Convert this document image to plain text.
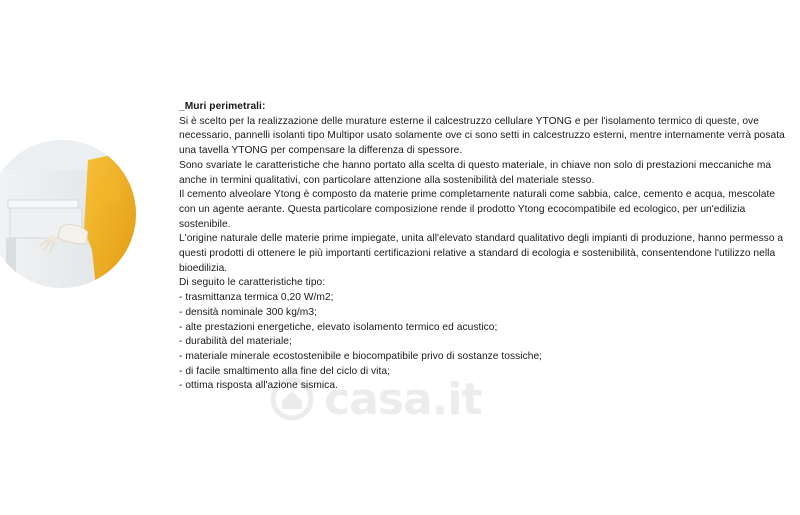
_Muri perimetrali:

Si è scelto per la realizzazione delle murature esterne il calcestruzzo cellulare YTONG e per l'isolamento termico di queste, ove necessario, pannelli isolanti tipo Multipor usato solamente ove ci sono setti in calcestruzzo esterni, mentre internamente verrà posata una tavella YTONG per compensare la differenza di spessore.

Sono svariate le caratteristiche che hanno portato alla scelta di questo materiale, in chiave non solo di prestazioni meccaniche ma anche in termini qualitativi, con particolare attenzione alla sostenibilità del materiale stesso.

Il cemento alveolare Ytong è composto da materie prime completamente naturali come sabbia, calce, cemento e acqua, mescolate con un agente aerante. Questa particolare composizione rende il prodotto Ytong ecocompatibile ed ecologico, per un'edilizia sostenibile.

L'origine naturale delle materie prime impiegate, unita all'elevato standard qualitativo degli impianti di produzione, hanno permesso a questi prodotti di ottenere le più importanti certificazioni relative a standard di ecologia e sostenibilità, consentendone l'utilizzo nella bioedilizia.

Di seguito le caratteristiche tipo:

- trasmittanza termica 0,20 W/m2;
- densità nominale 300 kg/m3;
- alte prestazioni energetiche, elevato isolamento termico ed acustico;
- durabilità del materiale;
- materiale minerale ecostostenibile e biocompatibile privo di sostanze tossiche;
- di facile smaltimento alla fine del ciclo di vita;
- ottima risposta all'azione sismica.
casa.it
